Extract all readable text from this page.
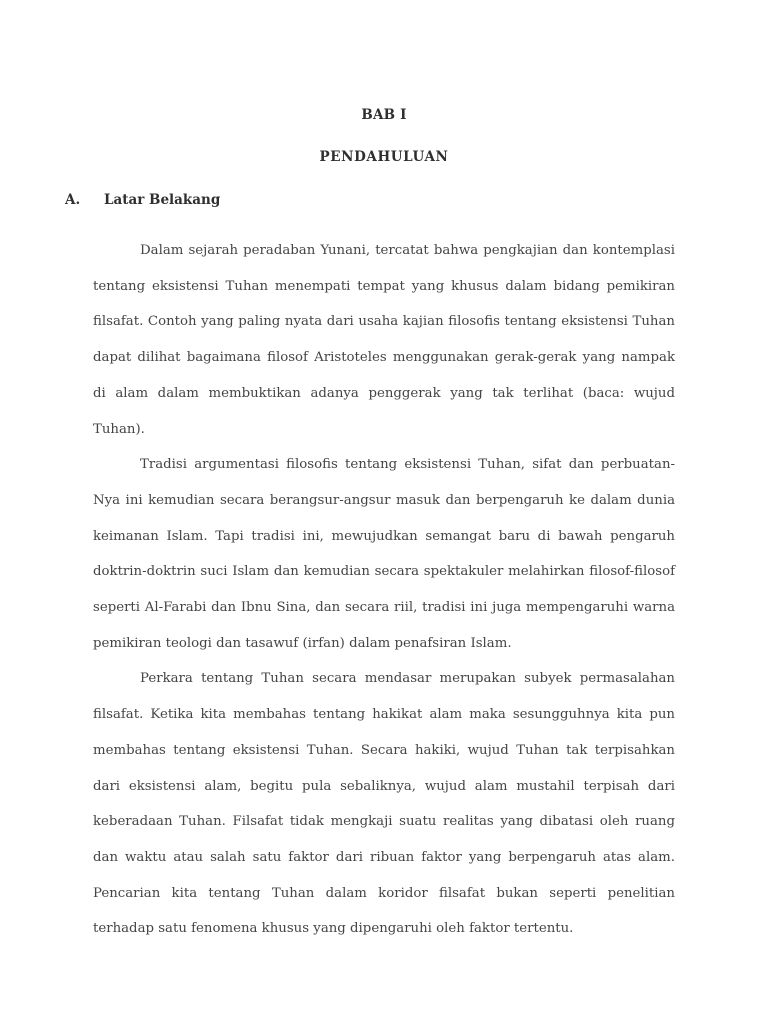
BAB I
PENDAHULUAN
A. Latar Belakang

Dalam sejarah peradaban Yunani, tercatat bahwa pengkajian dan kontemplasi tentang eksistensi Tuhan menempati tempat yang khusus dalam bidang pemikiran filsafat. Contoh yang paling nyata dari usaha kajian filosofis tentang eksistensi Tuhan dapat dilihat bagaimana filosof Aristoteles menggunakan gerak-gerak yang nampak di alam dalam membuktikan adanya penggerak yang tak terlihat (baca: wujud Tuhan).

Tradisi argumentasi filosofis tentang eksistensi Tuhan, sifat dan perbuatan-Nya ini kemudian secara berangsur-angsur masuk dan berpengaruh ke dalam dunia keimanan Islam. Tapi tradisi ini, mewujudkan semangat baru di bawah pengaruh doktrin-doktrin suci Islam dan kemudian secara spektakuler melahirkan filosof-filosof seperti Al-Farabi dan Ibnu Sina, dan secara riil, tradisi ini juga mempengaruhi warna pemikiran teologi dan tasawuf (irfan) dalam penafsiran Islam.

Perkara tentang Tuhan secara mendasar merupakan subyek permasalahan filsafat. Ketika kita membahas tentang hakikat alam maka sesungguhnya kita pun membahas tentang eksistensi Tuhan. Secara hakiki, wujud Tuhan tak terpisahkan dari eksistensi alam, begitu pula sebaliknya, wujud alam mustahil terpisah dari keberadaan Tuhan. Filsafat tidak mengkaji suatu realitas yang dibatasi oleh ruang dan waktu atau salah satu faktor dari ribuan faktor yang berpengaruh atas alam. Pencarian kita tentang Tuhan dalam koridor filsafat bukan seperti penelitian terhadap satu fenomena khusus yang dipengaruhi oleh faktor tertentu.
